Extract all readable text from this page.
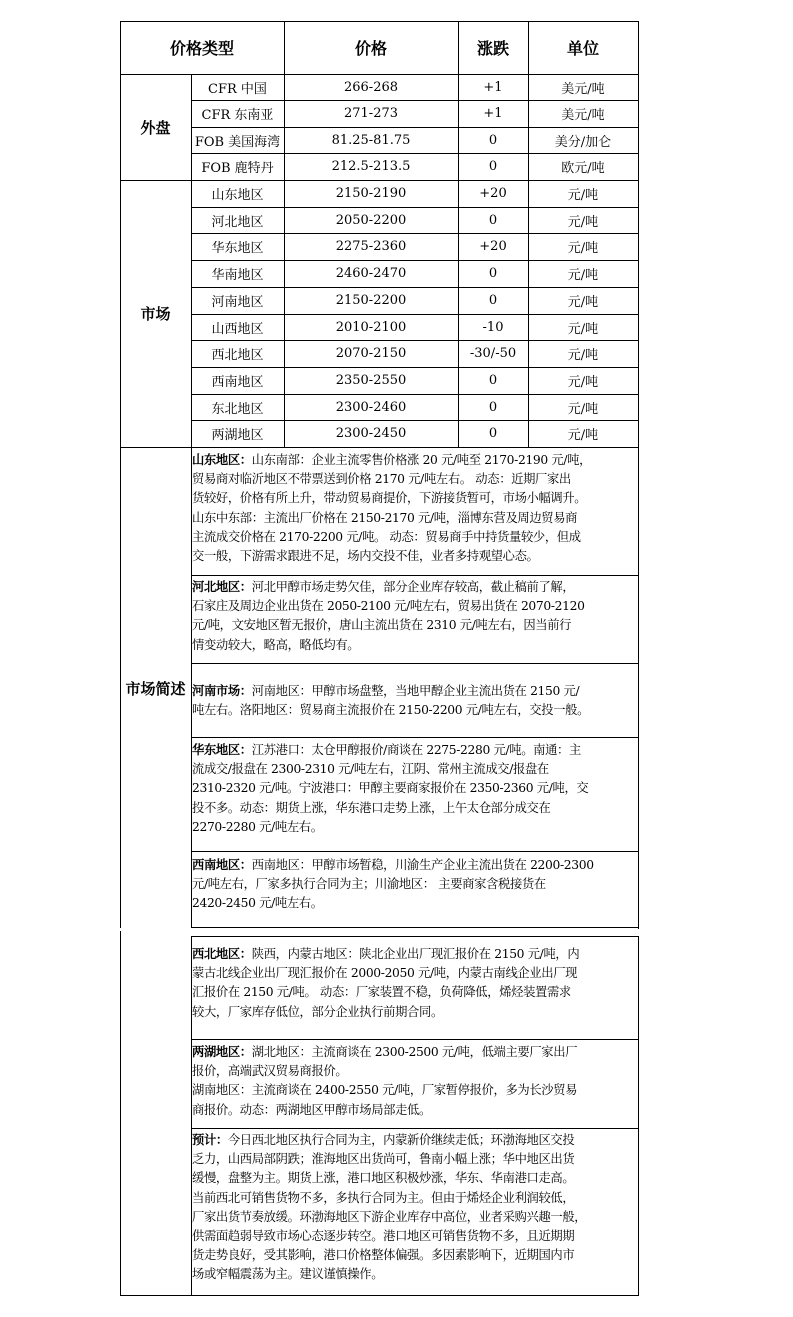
价格类型	价格	涨跌	单位
外盘
CFR 中国	266-268	+1	美元/吨
CFR 东南亚	271-273	+1	美元/吨
FOB 美国海湾	81.25-81.75	0	美分/加仑
FOB 鹿特丹	212.5-213.5	0	欧元/吨
市场
山东地区	2150-2190	+20	元/吨
河北地区	2050-2200	0	元/吨
华东地区	2275-2360	+20	元/吨
华南地区	2460-2470	0	元/吨
河南地区	2150-2200	0	元/吨
山西地区	2010-2100	-10	元/吨
西北地区	2070-2150	-30/-50	元/吨
西南地区	2350-2550	0	元/吨
东北地区	2300-2460	0	元/吨
两湖地区	2300-2450	0	元/吨
市场简述
山东地区：山东南部：企业主流零售价格涨 20 元/吨至 2170-2190 元/吨，
贸易商对临沂地区不带票送到价格 2170 元/吨左右。 动态：近期厂家出
货较好，价格有所上升，带动贸易商提价，下游接货暂可，市场小幅调升。
山东中东部：主流出厂价格在 2150-2170 元/吨，淄博东营及周边贸易商
主流成交价格在 2170-2200 元/吨。 动态：贸易商手中持货量较少，但成
交一般，下游需求跟进不足，场内交投不佳，业者多持观望心态。
河北地区：河北甲醇市场走势欠佳，部分企业库存较高，截止稿前了解，
石家庄及周边企业出货在 2050-2100 元/吨左右，贸易出货在 2070-2120
元/吨，文安地区暂无报价，唐山主流出货在 2310 元/吨左右，因当前行
情变动较大，略高，略低均有。
河南市场：河南地区：甲醇市场盘整，当地甲醇企业主流出货在 2150 元/
吨左右。洛阳地区：贸易商主流报价在 2150-2200 元/吨左右，交投一般。
华东地区：江苏港口：太仓甲醇报价/商谈在 2275-2280 元/吨。南通：主
流成交/报盘在 2300-2310 元/吨左右，江阴、常州主流成交/报盘在
2310-2320 元/吨。宁波港口：甲醇主要商家报价在 2350-2360 元/吨，交
投不多。动态：期货上涨，华东港口走势上涨，上午太仓部分成交在
2270-2280 元/吨左右。
西南地区：西南地区：甲醇市场暂稳，川渝生产企业主流出货在 2200-2300
元/吨左右，厂家多执行合同为主；川渝地区： 主要商家含税接货在
2420-2450 元/吨左右。
西北地区：陕西，内蒙古地区：陕北企业出厂现汇报价在 2150 元/吨，内
蒙古北线企业出厂现汇报价在 2000-2050 元/吨，内蒙古南线企业出厂现
汇报价在 2150 元/吨。 动态：厂家装置不稳，负荷降低，烯烃装置需求
较大，厂家库存低位，部分企业执行前期合同。
两湖地区：湖北地区：主流商谈在 2300-2500 元/吨，低端主要厂家出厂
报价，高端武汉贸易商报价。
湖南地区：主流商谈在 2400-2550 元/吨，厂家暂停报价，多为长沙贸易
商报价。动态：两湖地区甲醇市场局部走低。
预计：今日西北地区执行合同为主，内蒙新价继续走低；环渤海地区交投
乏力，山西局部阴跌；淮海地区出货尚可，鲁南小幅上涨；华中地区出货
缓慢，盘整为主。期货上涨，港口地区积极炒涨，华东、华南港口走高。
当前西北可销售货物不多，多执行合同为主。但由于烯烃企业利润较低，
厂家出货节奏放缓。环渤海地区下游企业库存中高位，业者采购兴趣一般，
供需面趋弱导致市场心态逐步转空。港口地区可销售货物不多，且近期期
货走势良好，受其影响，港口价格整体偏强。多因素影响下，近期国内市
场或窄幅震荡为主。建议谨慎操作。
